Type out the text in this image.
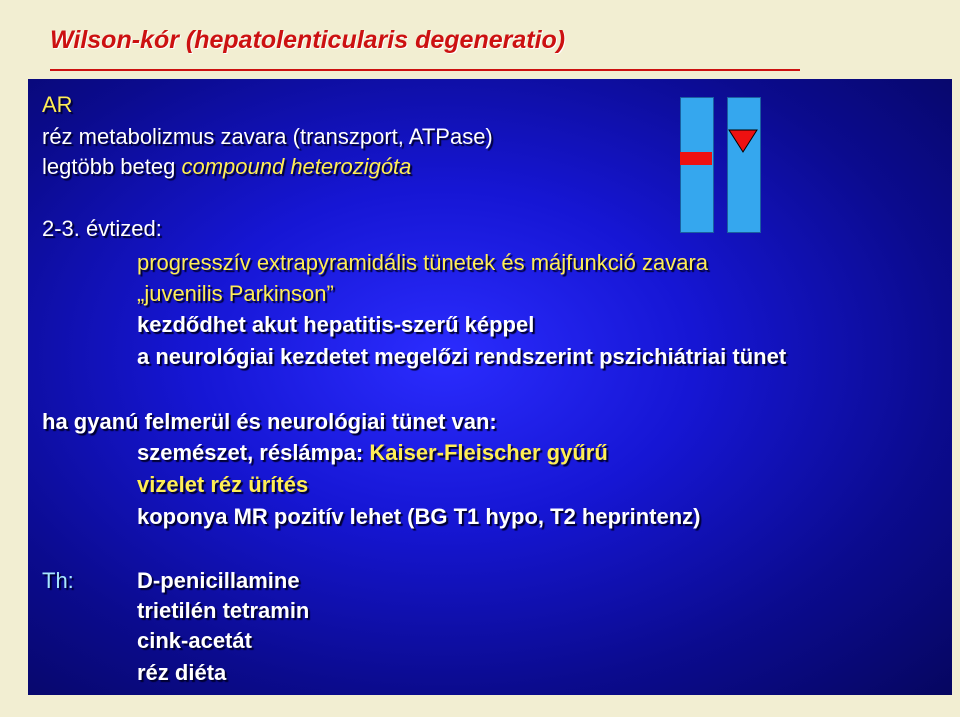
Wilson-kór (hepatolenticularis degeneratio)
AR
réz metabolizmus zavara (transzport, ATPase)
legtöbb beteg compound heterozigóta
2-3. évtized:
progresszív extrapyramidális tünetek és májfunkció zavara
„juvenilis Parkinson”
kezdődhet akut hepatitis-szerű képpel
a neurológiai kezdetet megelőzi rendszerint pszichiátriai tünet
ha gyanú felmerül és neurológiai tünet van:
szemészet, réslámpa: Kaiser-Fleischer gyűrű
vizelet réz ürítés
koponya MR pozitív lehet (BG T1 hypo, T2 heprintenz)
Th:	D-penicillamine
trietilén tetramin
cink-acetát
réz diéta
